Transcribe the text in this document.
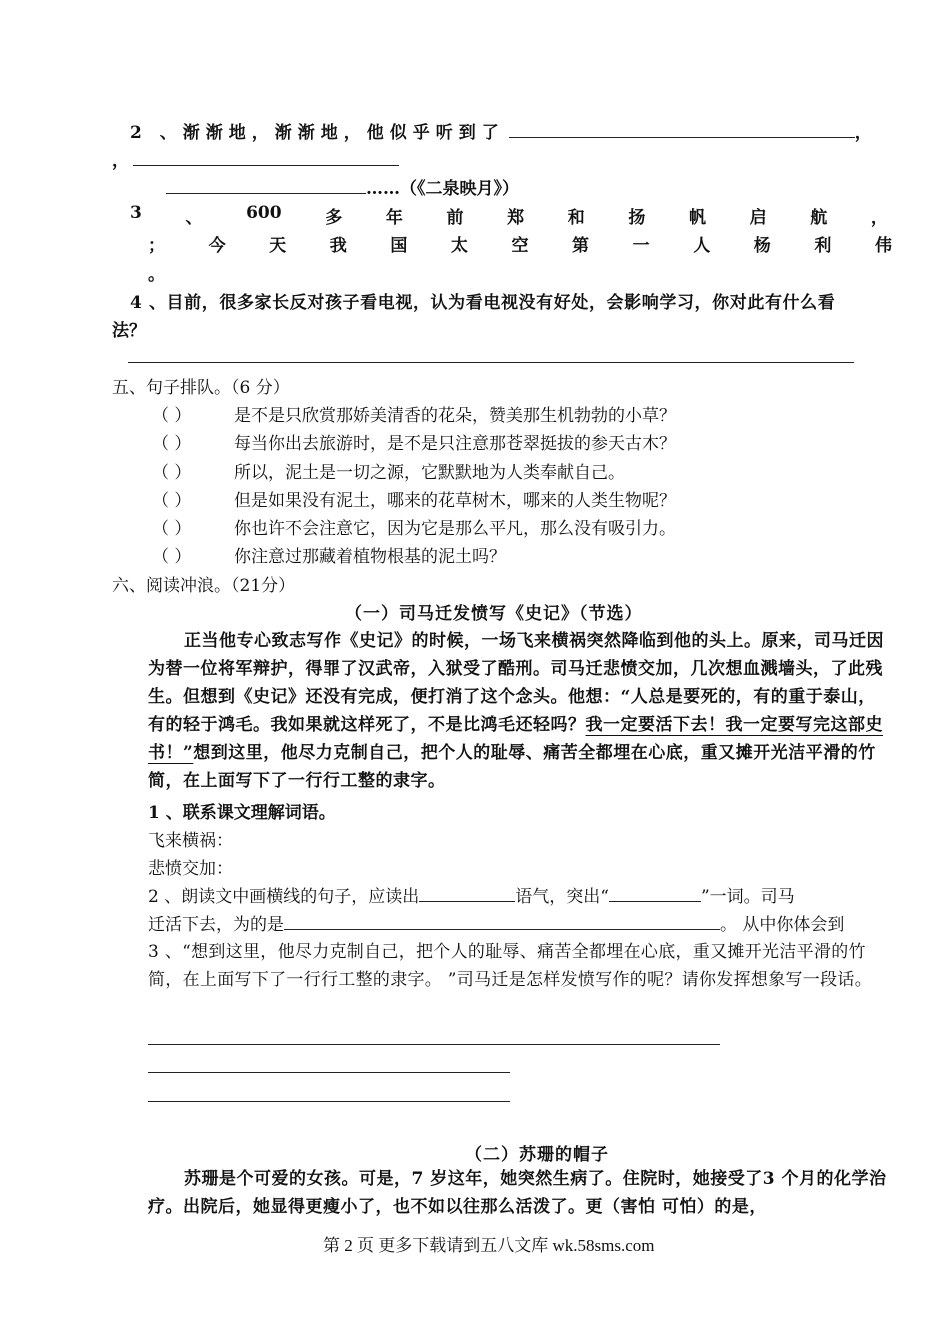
2 、渐渐地，渐渐地，他似乎听到了	，
，
……（《二泉映月》）
3	、	600	多	年	前	郑	和	扬	帆	启	航	，
；	今	天	我	国	太	空	第	一	人	杨	利	伟
。
4 、目前，很多家长反对孩子看电视，认为看电视没有好处，会影响学习，你对此有什么看
法？
五、句子排队。（6 分）
（ ）	是不是只欣赏那娇美清香的花朵，赞美那生机勃勃的小草？
（ ）	每当你出去旅游时，是不是只注意那苍翠挺拔的参天古木？
（ ）	所以，泥土是一切之源，它默默地为人类奉献自己。
（ ）	但是如果没有泥土，哪来的花草树木，哪来的人类生物呢？
（ ）	你也许不会注意它，因为它是那么平凡，那么没有吸引力。
（ ）	你注意过那藏着植物根基的泥土吗？
六、阅读冲浪。（21分）
（一）司马迁发愤写《史记》（节选）
正当他专心致志写作《史记》的时候，一场飞来横祸突然降临到他的头上。原来，司马迁因为替一位将军辩护，得罪了汉武帝，入狱受了酷刑。司马迁悲愤交加，几次想血溅墙头，了此残生。但想到《史记》还没有完成，便打消了这个念头。他想：“人总是要死的，有的重于泰山，有的轻于鸿毛。我如果就这样死了，不是比鸿毛还轻吗？我一定要活下去！我一定要写完这部史书！”想到这里，他尽力克制自己，把个人的耻辱、痛苦全都埋在心底，重又摊开光洁平滑的竹简，在上面写下了一行行工整的隶字。
1 、联系课文理解词语。
飞来横祸：
悲愤交加：
2 、朗读文中画横线的句子，应读出	语气，突出“	”一词。司马
迁活下去，为的是	。 从中你体会到
3 、“想到这里，他尽力克制自己，把个人的耻辱、痛苦全都埋在心底，重又摊开光洁平滑的竹简，在上面写下了一行行工整的隶字。 ”司马迁是怎样发愤写作的呢？请你发挥想象写一段话。
（二）苏珊的帽子
苏珊是个可爱的女孩。可是，7 岁这年，她突然生病了。住院时，她接受了3 个月的化学治疗。出院后，她显得更瘦小了，也不如以往那么活泼了。更（害怕 可怕）的是，
第 2 页 更多下载请到五八文库 wk.58sms.com
